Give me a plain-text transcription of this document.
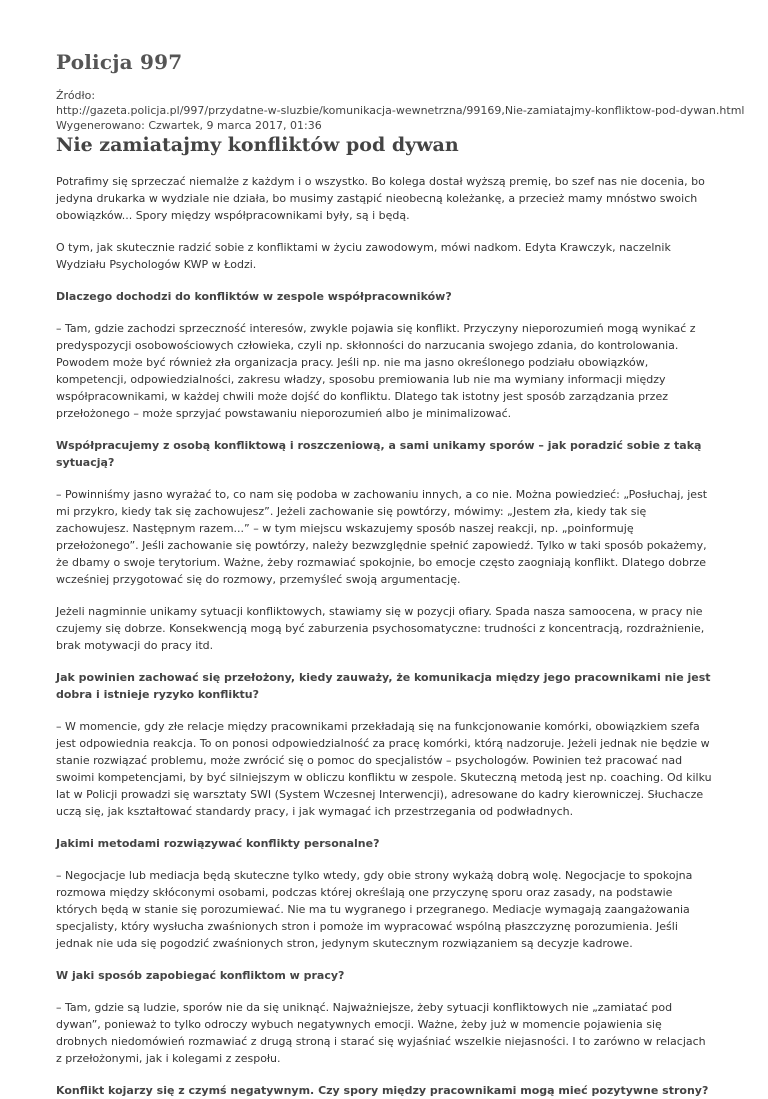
Policja 997
Źródło:
http://gazeta.policja.pl/997/przydatne-w-sluzbie/komunikacja-wewnetrzna/99169,Nie-zamiatajmy-konfliktow-pod-dywan.html
Wygenerowano: Czwartek, 9 marca 2017, 01:36
Nie zamiatajmy konfliktów pod dywan

Potrafimy się sprzeczać niemalże z każdym i o wszystko. Bo kolega dostał wyższą premię, bo szef nas nie docenia, bo jedyna drukarka w wydziale nie działa, bo musimy zastąpić nieobecną koleżankę, a przecież mamy mnóstwo swoich obowiązków... Spory między współpracownikami były, są i będą.

O tym, jak skutecznie radzić sobie z konfliktami w życiu zawodowym, mówi nadkom. Edyta Krawczyk, naczelnik Wydziału Psychologów KWP w Łodzi.

Dlaczego dochodzi do konfliktów w zespole współpracowników?

– Tam, gdzie zachodzi sprzeczność interesów, zwykle pojawia się konflikt. Przyczyny nieporozumień mogą wynikać z predyspozycji osobowościowych człowieka, czyli np. skłonności do narzucania swojego zdania, do kontrolowania. Powodem może być również zła organizacja pracy. Jeśli np. nie ma jasno określonego podziału obowiązków, kompetencji, odpowiedzialności, zakresu władzy, sposobu premiowania lub nie ma wymiany informacji między współpracownikami, w każdej chwili może dojść do konfliktu. Dlatego tak istotny jest sposób zarządzania przez przełożonego – może sprzyjać powstawaniu nieporozumień albo je minimalizować.

Współpracujemy z osobą konfliktową i roszczeniową, a sami unikamy sporów – jak poradzić sobie z taką sytuacją?

– Powinniśmy jasno wyrażać to, co nam się podoba w zachowaniu innych, a co nie. Można powiedzieć: „Posłuchaj, jest mi przykro, kiedy tak się zachowujesz”. Jeżeli zachowanie się powtórzy, mówimy: „Jestem zła, kiedy tak się zachowujesz. Następnym razem...” – w tym miejscu wskazujemy sposób naszej reakcji, np. „poinformuję przełożonego”. Jeśli zachowanie się powtórzy, należy bezwzględnie spełnić zapowiedź. Tylko w taki sposób pokażemy, że dbamy o swoje terytorium. Ważne, żeby rozmawiać spokojnie, bo emocje często zaogniają konflikt. Dlatego dobrze wcześniej przygotować się do rozmowy, przemyśleć swoją argumentację.

Jeżeli nagminnie unikamy sytuacji konfliktowych, stawiamy się w pozycji ofiary. Spada nasza samoocena, w pracy nie czujemy się dobrze. Konsekwencją mogą być zaburzenia psychosomatyczne: trudności z koncentracją, rozdrażnienie, brak motywacji do pracy itd.

Jak powinien zachować się przełożony, kiedy zauważy, że komunikacja między jego pracownikami nie jest dobra i istnieje ryzyko konfliktu?

– W momencie, gdy złe relacje między pracownikami przekładają się na funkcjonowanie komórki, obowiązkiem szefa jest odpowiednia reakcja. To on ponosi odpowiedzialność za pracę komórki, którą nadzoruje. Jeżeli jednak nie będzie w stanie rozwiązać problemu, może zwrócić się o pomoc do specjalistów – psychologów. Powinien też pracować nad swoimi kompetencjami, by być silniejszym w obliczu konfliktu w zespole. Skuteczną metodą jest np. coaching. Od kilku lat w Policji prowadzi się warsztaty SWI (System Wczesnej Interwencji), adresowane do kadry kierowniczej. Słuchacze uczą się, jak kształtować standardy pracy, i jak wymagać ich przestrzegania od podwładnych.

Jakimi metodami rozwiązywać konflikty personalne?

– Negocjacje lub mediacja będą skuteczne tylko wtedy, gdy obie strony wykażą dobrą wolę. Negocjacje to spokojna rozmowa między skłóconymi osobami, podczas której określają one przyczynę sporu oraz zasady, na podstawie których będą w stanie się porozumiewać. Nie ma tu wygranego i przegranego. Mediacje wymagają zaangażowania specjalisty, który wysłucha zwaśnionych stron i pomoże im wypracować wspólną płaszczyznę porozumienia. Jeśli jednak nie uda się pogodzić zwaśnionych stron, jedynym skutecznym rozwiązaniem są decyzje kadrowe.

W jaki sposób zapobiegać konfliktom w pracy?

– Tam, gdzie są ludzie, sporów nie da się uniknąć. Najważniejsze, żeby sytuacji konfliktowych nie „zamiatać pod dywan”, ponieważ to tylko odroczy wybuch negatywnych emocji. Ważne, żeby już w momencie pojawienia się drobnych niedomówień rozmawiać z drugą stroną i starać się wyjaśniać wszelkie niejasności. I to zarówno w relacjach z przełożonymi, jak i kolegami z zespołu.

Konflikt kojarzy się z czymś negatywnym. Czy spory między pracownikami mogą mieć pozytywne strony?
